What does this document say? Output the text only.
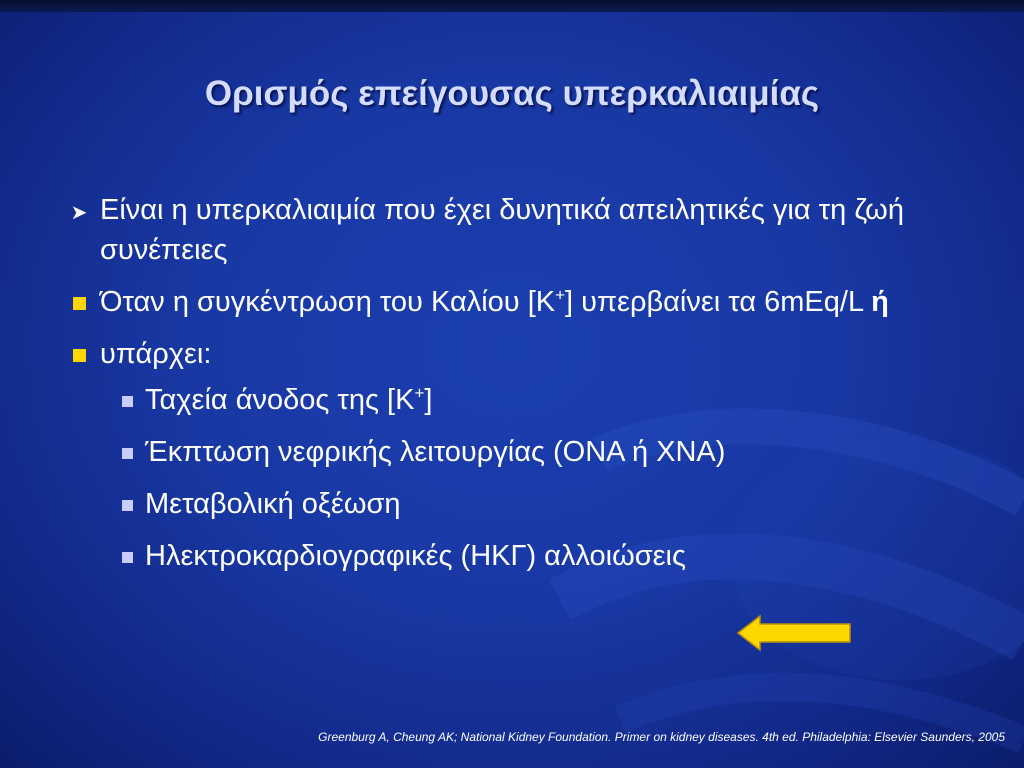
Ορισμός επείγουσας υπερκαλιαιμίας
➤ Είναι η υπερκαλιαιμία που έχει δυνητικά απειλητικές για τη ζωή συνέπειες
Όταν η συγκέντρωση του Καλίου [K+] υπερβαίνει τα 6mEq/L ή
υπάρχει:
Ταχεία άνοδος της [K+]
Έκπτωση νεφρικής λειτουργίας (ΟΝΑ ή ΧΝΑ)
Μεταβολική οξέωση
Ηλεκτροκαρδιογραφικές (ΗΚΓ) αλλοιώσεις
Greenburg A, Cheung AK; National Kidney Foundation. Primer on kidney diseases. 4th ed. Philadelphia: Elsevier Saunders, 2005
